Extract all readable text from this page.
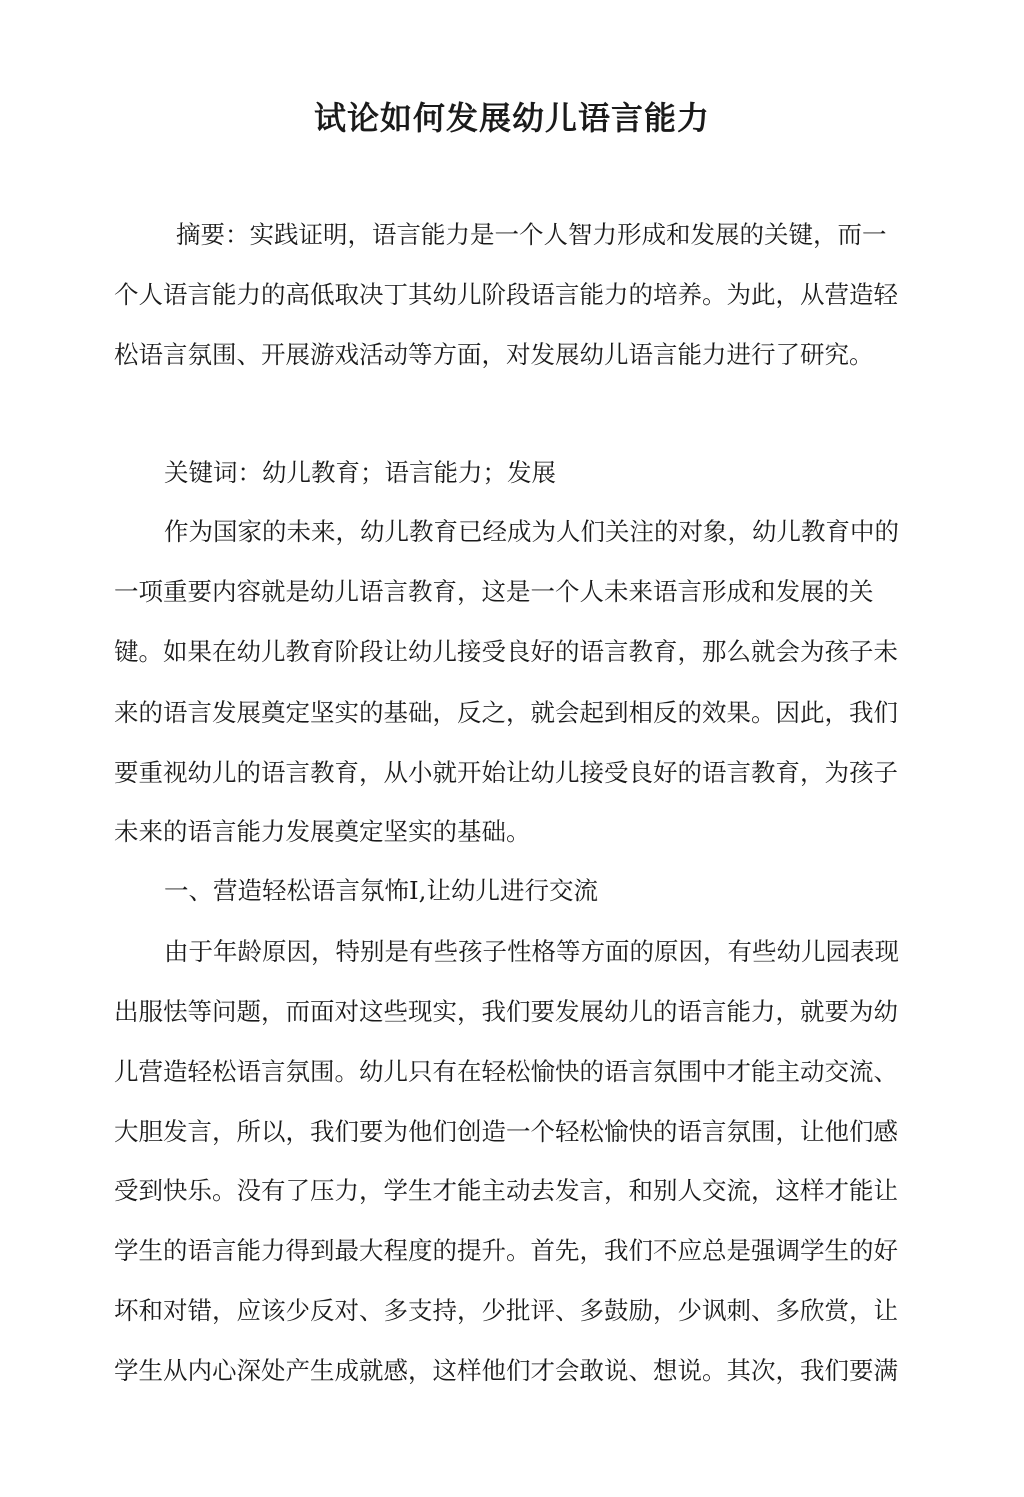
试论如何发展幼儿语言能力

摘要：实践证明，语言能力是一个人智力形成和发展的关键，而一

个人语言能力的高低取决丁其幼儿阶段语言能力的培养。为此，从营造轻

松语言氛围、开展游戏活动等方面，对发展幼儿语言能力进行了研究。

关键词：幼儿教育；语言能力；发展

作为国家的未来，幼儿教育已经成为人们关注的对象，幼儿教育中的

一项重要内容就是幼儿语言教育，这是一个人未来语言形成和发展的关

键。如果在幼儿教育阶段让幼儿接受良好的语言教育，那么就会为孩子未

来的语言发展奠定坚实的基础，反之，就会起到相反的效果。因此，我们

要重视幼儿的语言教育，从小就开始让幼儿接受良好的语言教育，为孩子

未来的语言能力发展奠定坚实的基础。

一、营造轻松语言氛怖I,让幼儿进行交流

由于年龄原因，特别是有些孩子性格等方面的原因，有些幼儿园表现

出服怯等问题，而面对这些现实，我们要发展幼儿的语言能力，就要为幼

儿营造轻松语言氛围。幼儿只有在轻松愉快的语言氛围中才能主动交流、

大胆发言，所以，我们要为他们创造一个轻松愉快的语言氛围，让他们感

受到快乐。没有了压力，学生才能主动去发言，和别人交流，这样才能让

学生的语言能力得到最大程度的提升。首先，我们不应总是强调学生的好

坏和对错，应该少反对、多支持，少批评、多鼓励，少讽刺、多欣赏，让

学生从内心深处产生成就感，这样他们才会敢说、想说。其次，我们要满
